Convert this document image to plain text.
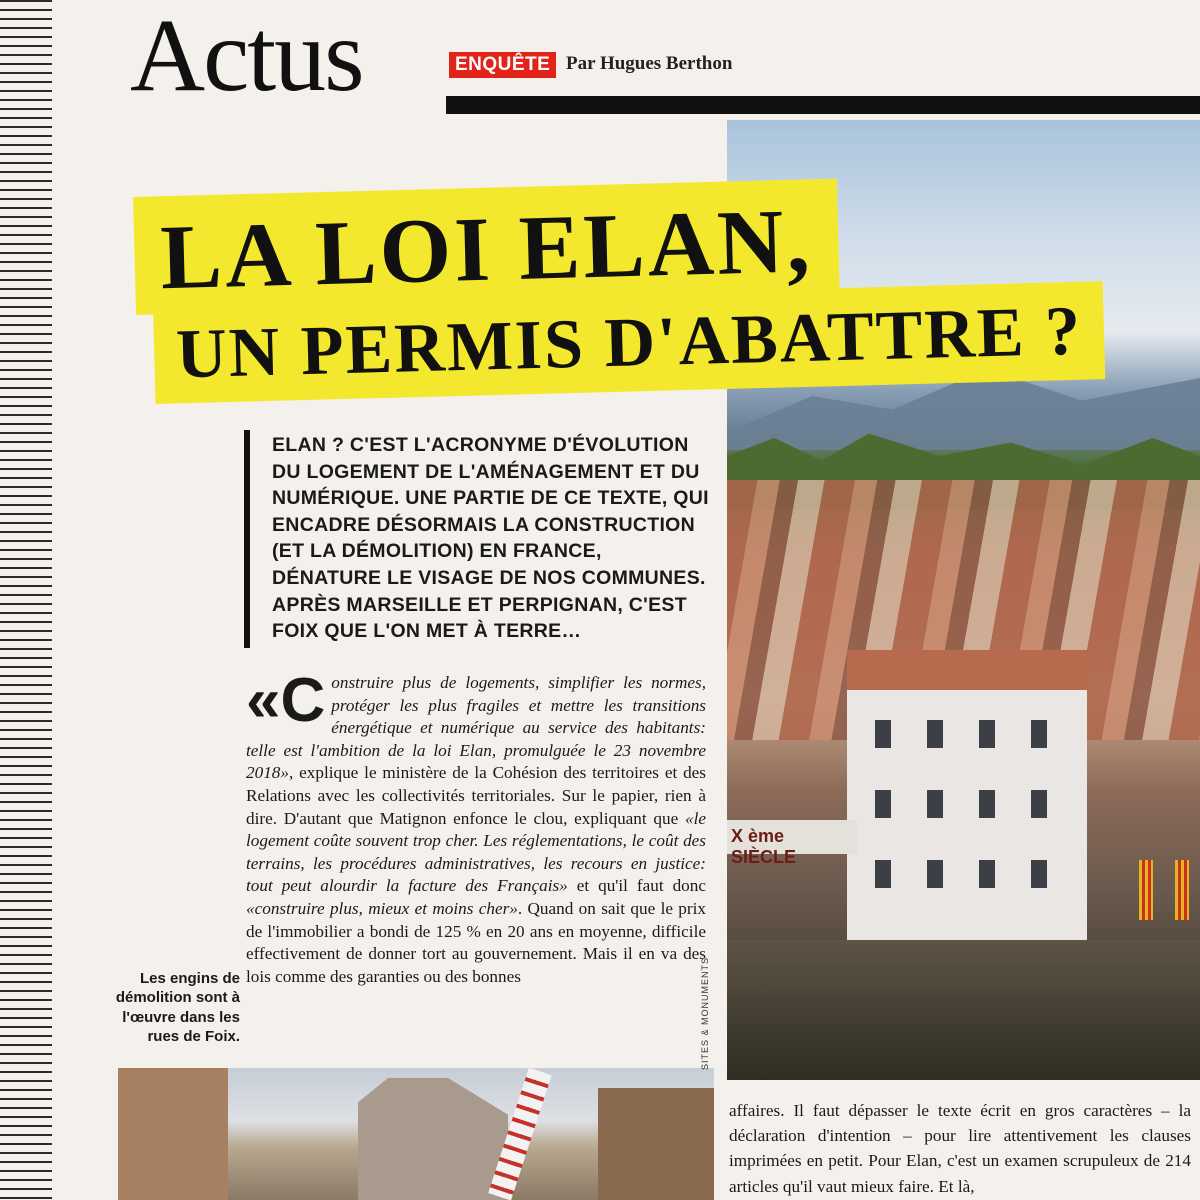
Actus	ENQUÊTE Par Hugues Berthon
X ème SIÈCLE
LA LOI ELAN,
UN PERMIS D'ABATTRE ?

ELAN ? C'EST L'ACRONYME D'ÉVOLUTION DU LOGEMENT DE L'AMÉNAGEMENT ET DU NUMÉRIQUE. UNE PARTIE DE CE TEXTE, QUI ENCADRE DÉSORMAIS LA CONSTRUCTION (ET LA DÉMOLITION) EN FRANCE, DÉNATURE LE VISAGE DE NOS COMMUNES. APRÈS MARSEILLE ET PERPIGNAN, C'EST FOIX QUE L'ON MET À TERRE…

«Construire plus de logements, simplifier les normes, protéger les plus fragiles et mettre les transitions énergétique et numérique au service des habitants: telle est l'ambition de la loi Elan, promulguée le 23 novembre 2018», explique le ministère de la Cohésion des territoires et des Relations avec les collectivités territoriales. Sur le papier, rien à dire. D'autant que Matignon enfonce le clou, expliquant que «le logement coûte souvent trop cher. Les réglementations, le coût des terrains, les procédures administratives, les recours en justice: tout peut alourdir la facture des Français» et qu'il faut donc «construire plus, mieux et moins cher». Quand on sait que le prix de l'immobilier a bondi de 125 % en 20 ans en moyenne, difficile effectivement de donner tort au gouvernement. Mais il en va des lois comme des garanties ou des bonnes

Les engins de démolition sont à l'œuvre dans les rues de Foix.	SITES & MONUMENTS

affaires. Il faut dépasser le texte écrit en gros caractères – la déclaration d'intention – pour lire attentivement les clauses imprimées en petit. Pour Elan, c'est un examen scrupuleux de 214 articles qu'il vaut mieux faire. Et là,
